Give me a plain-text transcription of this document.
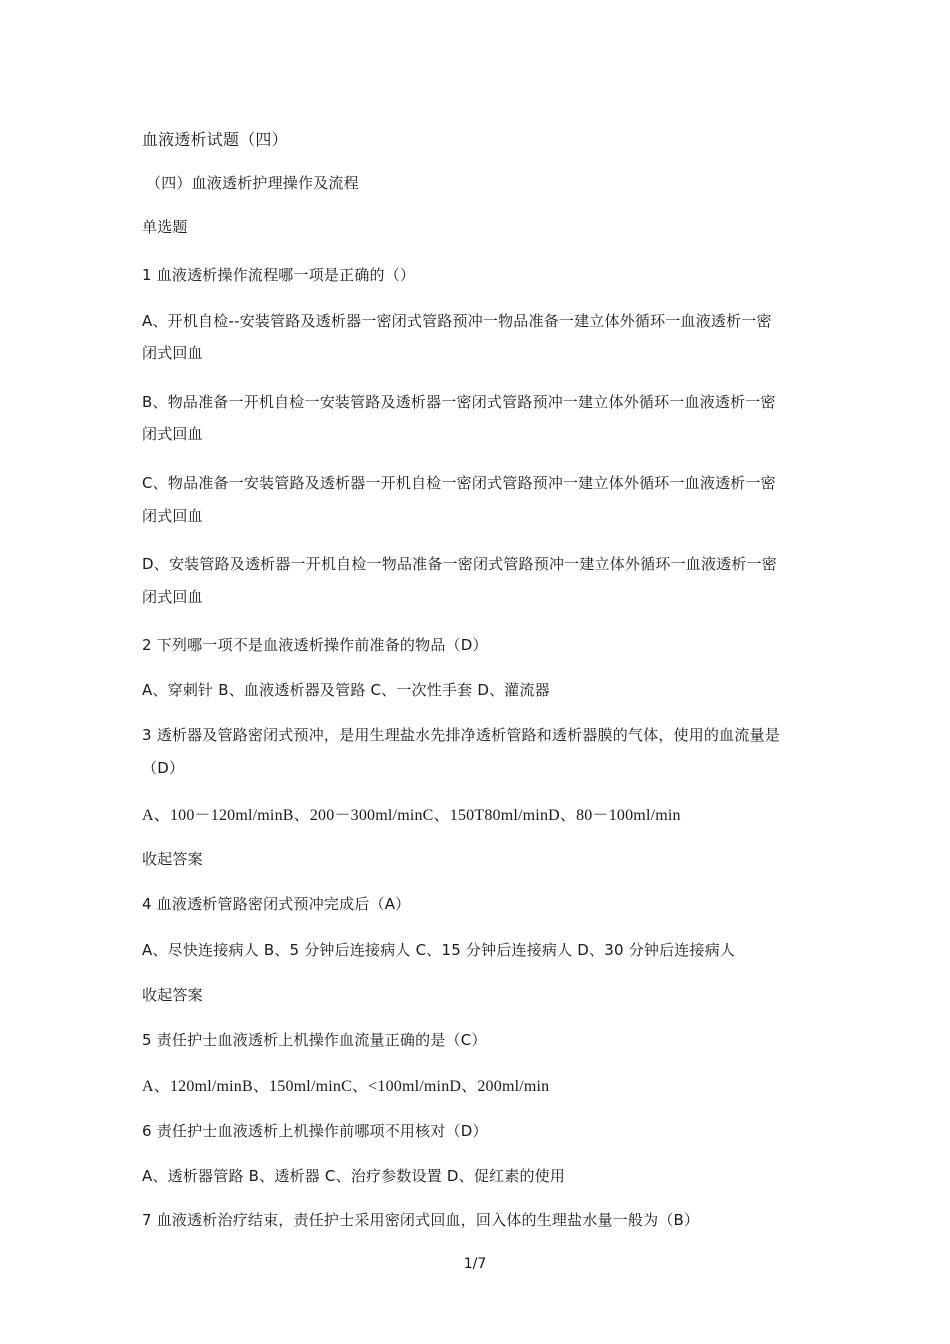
血液透析试题（四）
（四）血液透析护理操作及流程
单选题
1 血液透析操作流程哪一项是正确的（）
A、开机自检--安装管路及透析器一密闭式管路预冲一物品准备一建立体外循环一血液透析一密
闭式回血
B、物品准备一开机自检一安装管路及透析器一密闭式管路预冲一建立体外循环一血液透析一密
闭式回血
C、物品准备一安装管路及透析器一开机自检一密闭式管路预冲一建立体外循环一血液透析一密
闭式回血
D、安装管路及透析器一开机自检一物品准备一密闭式管路预冲一建立体外循环一血液透析一密
闭式回血
2 下列哪一项不是血液透析操作前准备的物品（D）
A、穿刺针 B、血液透析器及管路 C、一次性手套 D、灌流器
3 透析器及管路密闭式预冲，是用生理盐水先排净透析管路和透析器膜的气体，使用的血流量是
（D）
A、100－120ml/minB、200－300ml/minC、150T80ml/minD、80－100ml/min
收起答案
4 血液透析管路密闭式预冲完成后（A）
A、尽快连接病人 B、5 分钟后连接病人 C、15 分钟后连接病人 D、30 分钟后连接病人
收起答案
5 责任护士血液透析上机操作血流量正确的是（C）
A、120ml/minB、150ml/minC、<100ml/minD、200ml/min
6 责任护士血液透析上机操作前哪项不用核对（D）
A、透析器管路 B、透析器 C、治疗参数设置 D、促红素的使用
7 血液透析治疗结束，责任护士采用密闭式回血，回入体的生理盐水量一般为（B）
1/7
